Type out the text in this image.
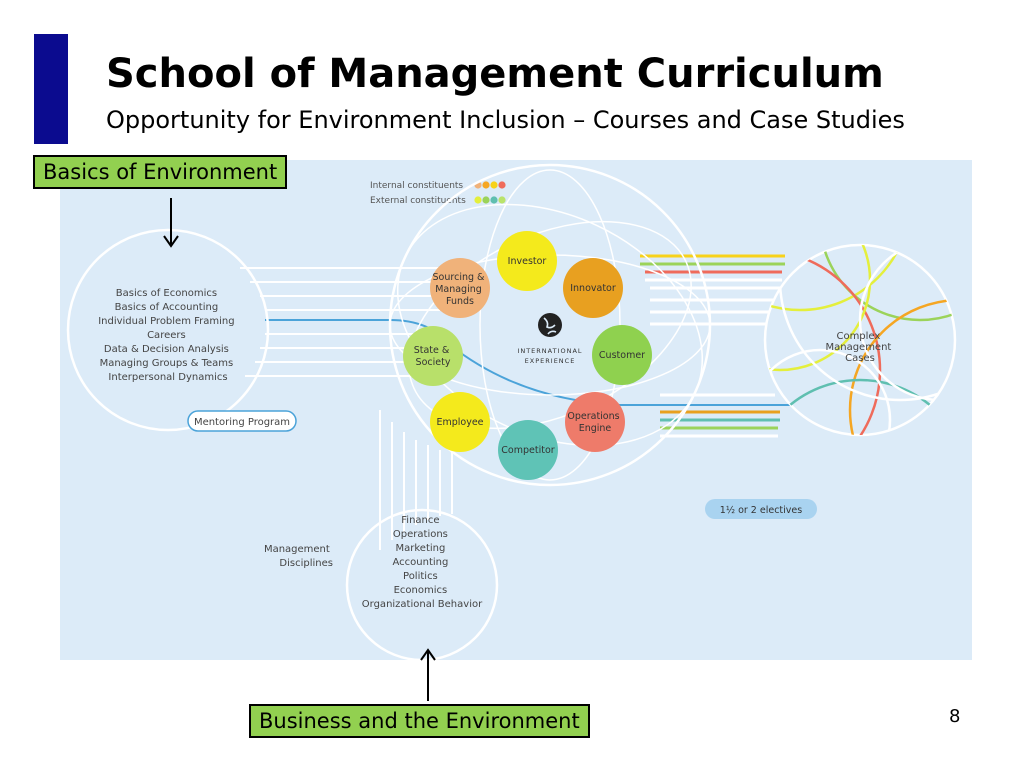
School of Management Curriculum

Opportunity for Environment Inclusion – Courses and Case Studies

Internal constituents
External constituents
Basics of Economics Basics of Accounting Individual Problem Framing Careers Data & Decision Analysis Managing Groups & Teams Interpersonal Dynamics
Mentoring Program
INTERNATIONAL
EXPERIENCE
Investor
Sourcing & Managing Funds
Innovator
State & Society
Customer
Employee
Operations Engine
Competitor
Complex Management Cases
1½ or 2 electives
Finance Operations Marketing Accounting Politics Economics Organizational Behavior
Management Disciplines
Basics of Environment
Business and the Environment	8
